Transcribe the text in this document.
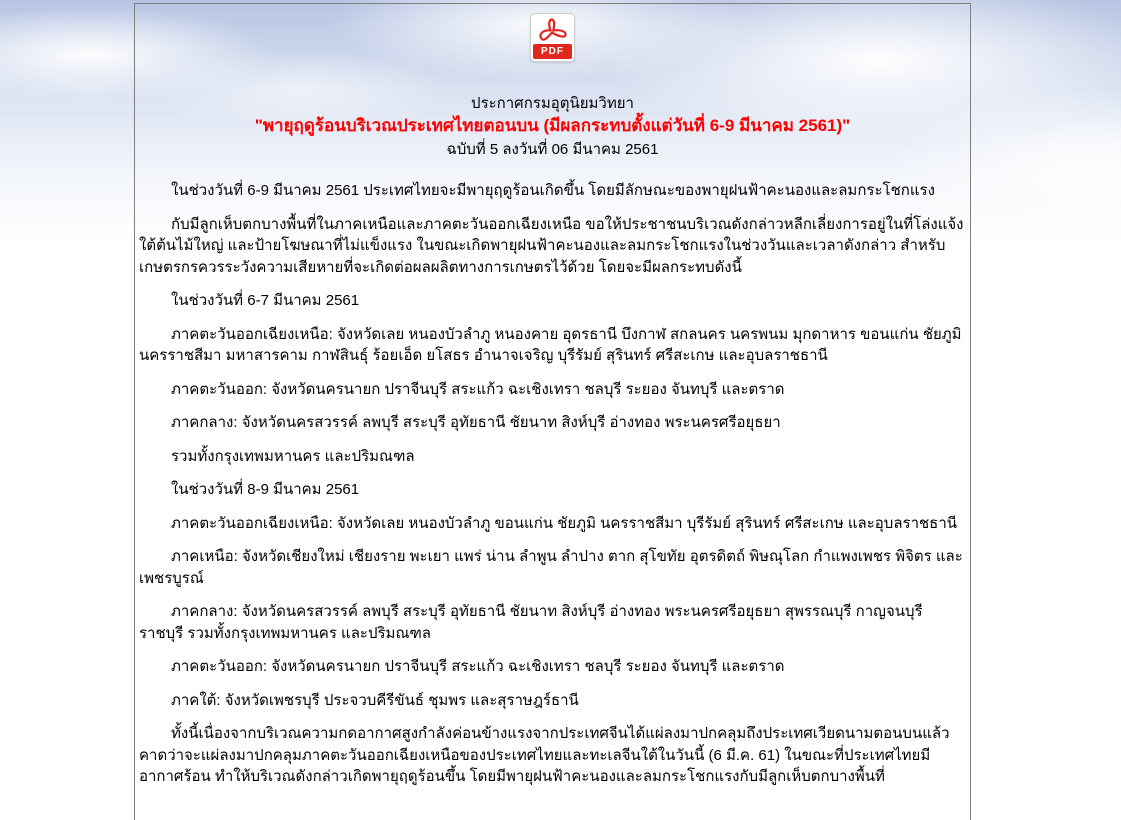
PDF
ประกาศกรมอุตุนิยมวิทยา
"พายุฤดูร้อนบริเวณประเทศไทยตอนบน (มีผลกระทบตั้งแต่วันที่ 6-9 มีนาคม 2561)"
ฉบับที่ 5 ลงวันที่ 06 มีนาคม 2561

ในช่วงวันที่ 6-9 มีนาคม 2561 ประเทศไทยจะมีพายุฤดูร้อนเกิดขึ้น โดยมีลักษณะของพายุฝนฟ้าคะนองและลมกระโชกแรง

กับมีลูกเห็บตกบางพื้นที่ในภาคเหนือและภาคตะวันออกเฉียงเหนือ ขอให้ประชาชนบริเวณดังกล่าวหลีกเลี่ยงการอยู่ในที่โล่งแจ้ง ใต้ต้นไม้ใหญ่ และป้ายโฆษณาที่ไม่แข็งแรง ในขณะเกิดพายุฝนฟ้าคะนองและลมกระโชกแรงในช่วงวันและเวลาดังกล่าว สำหรับเกษตรกรควรระวังความเสียหายที่จะเกิดต่อผลผลิตทางการเกษตรไว้ด้วย โดยจะมีผลกระทบดังนี้

ในช่วงวันที่ 6-7 มีนาคม 2561

ภาคตะวันออกเฉียงเหนือ: จังหวัดเลย หนองบัวลำภู หนองคาย อุดรธานี บึงกาฬ สกลนคร นครพนม มุกดาหาร ขอนแก่น ชัยภูมิ นครราชสีมา มหาสารคาม กาฬสินธุ์ ร้อยเอ็ด ยโสธร อำนาจเจริญ บุรีรัมย์ สุรินทร์ ศรีสะเกษ และอุบลราชธานี

ภาคตะวันออก: จังหวัดนครนายก ปราจีนบุรี สระแก้ว ฉะเชิงเทรา ชลบุรี ระยอง จันทบุรี และตราด

ภาคกลาง: จังหวัดนครสวรรค์ ลพบุรี สระบุรี อุทัยธานี ชัยนาท สิงห์บุรี อ่างทอง พระนครศรีอยุธยา

รวมทั้งกรุงเทพมหานคร และปริมณฑล

ในช่วงวันที่ 8-9 มีนาคม 2561

ภาคตะวันออกเฉียงเหนือ: จังหวัดเลย หนองบัวลำภู ขอนแก่น ชัยภูมิ นครราชสีมา บุรีรัมย์ สุรินทร์ ศรีสะเกษ และอุบลราชธานี

ภาคเหนือ: จังหวัดเชียงใหม่ เชียงราย พะเยา แพร่ น่าน ลำพูน ลำปาง ตาก สุโขทัย อุตรดิตถ์ พิษณุโลก กำแพงเพชร พิจิตร และเพชรบูรณ์

ภาคกลาง: จังหวัดนครสวรรค์ ลพบุรี สระบุรี อุทัยธานี ชัยนาท สิงห์บุรี อ่างทอง พระนครศรีอยุธยา สุพรรณบุรี กาญจนบุรี ราชบุรี รวมทั้งกรุงเทพมหานคร และปริมณฑล

ภาคตะวันออก: จังหวัดนครนายก ปราจีนบุรี สระแก้ว ฉะเชิงเทรา ชลบุรี ระยอง จันทบุรี และตราด

ภาคใต้: จังหวัดเพชรบุรี ประจวบคีรีขันธ์ ชุมพร และสุราษฎร์ธานี

ทั้งนี้เนื่องจากบริเวณความกดอากาศสูงกำลังค่อนข้างแรงจากประเทศจีนได้แผ่ลงมาปกคลุมถึงประเทศเวียดนามตอนบนแล้ว คาดว่าจะแผ่ลงมาปกคลุมภาคตะวันออกเฉียงเหนือของประเทศไทยและทะเลจีนใต้ในวันนี้ (6 มี.ค. 61) ในขณะที่ประเทศไทยมีอากาศร้อน ทำให้บริเวณดังกล่าวเกิดพายุฤดูร้อนขึ้น โดยมีพายุฝนฟ้าคะนองและลมกระโชกแรงกับมีลูกเห็บตกบางพื้นที่
